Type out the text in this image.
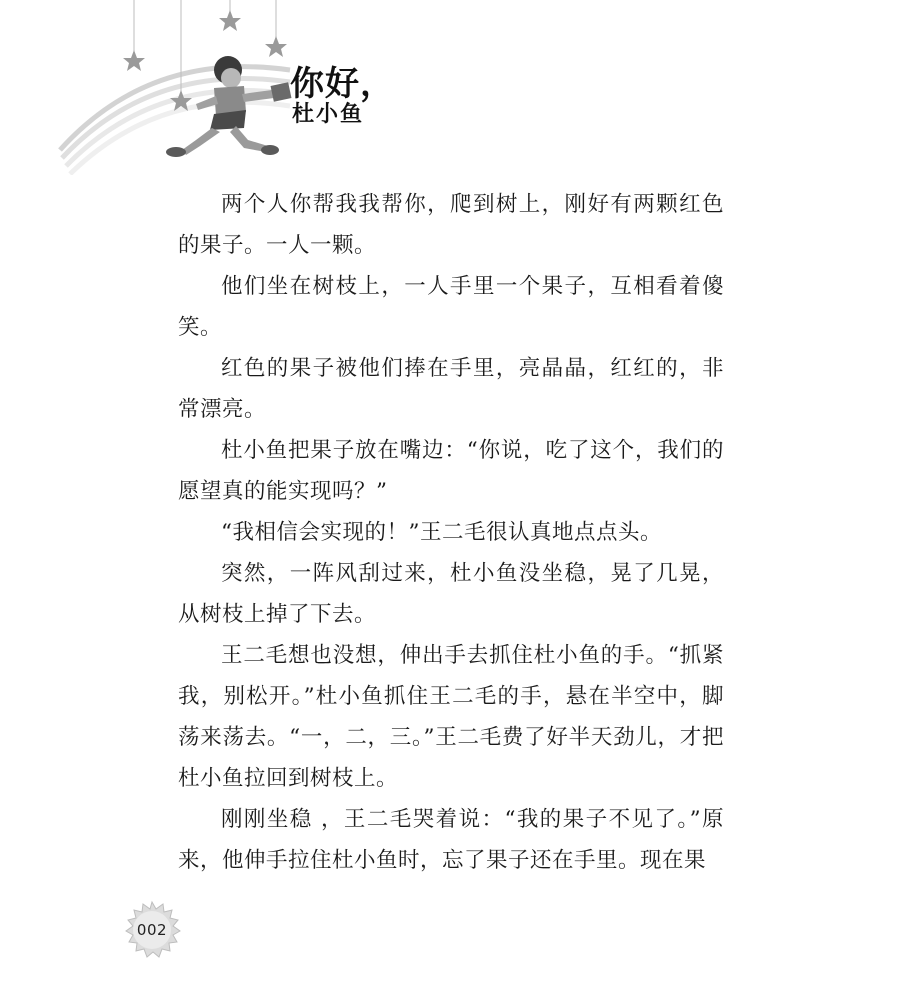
你好，

杜小鱼

两个人你帮我我帮你，爬到树上，刚好有两颗红色的果子。一人一颗。

他们坐在树枝上，一人手里一个果子，互相看着傻笑。

红色的果子被他们捧在手里，亮晶晶，红红的，非常漂亮。

杜小鱼把果子放在嘴边：“你说，吃了这个，我们的愿望真的能实现吗？”

“我相信会实现的！”王二毛很认真地点点头。

突然，一阵风刮过来，杜小鱼没坐稳，晃了几晃，从树枝上掉了下去。

王二毛想也没想，伸出手去抓住杜小鱼的手。“抓紧我，别松开。”杜小鱼抓住王二毛的手，悬在半空中，脚荡来荡去。“一，二，三。”王二毛费了好半天劲儿，才把杜小鱼拉回到树枝上。

刚刚坐稳 ，王二毛哭着说：“我的果子不见了。”原来，他伸手拉住杜小鱼时，忘了果子还在手里。现在果

002
